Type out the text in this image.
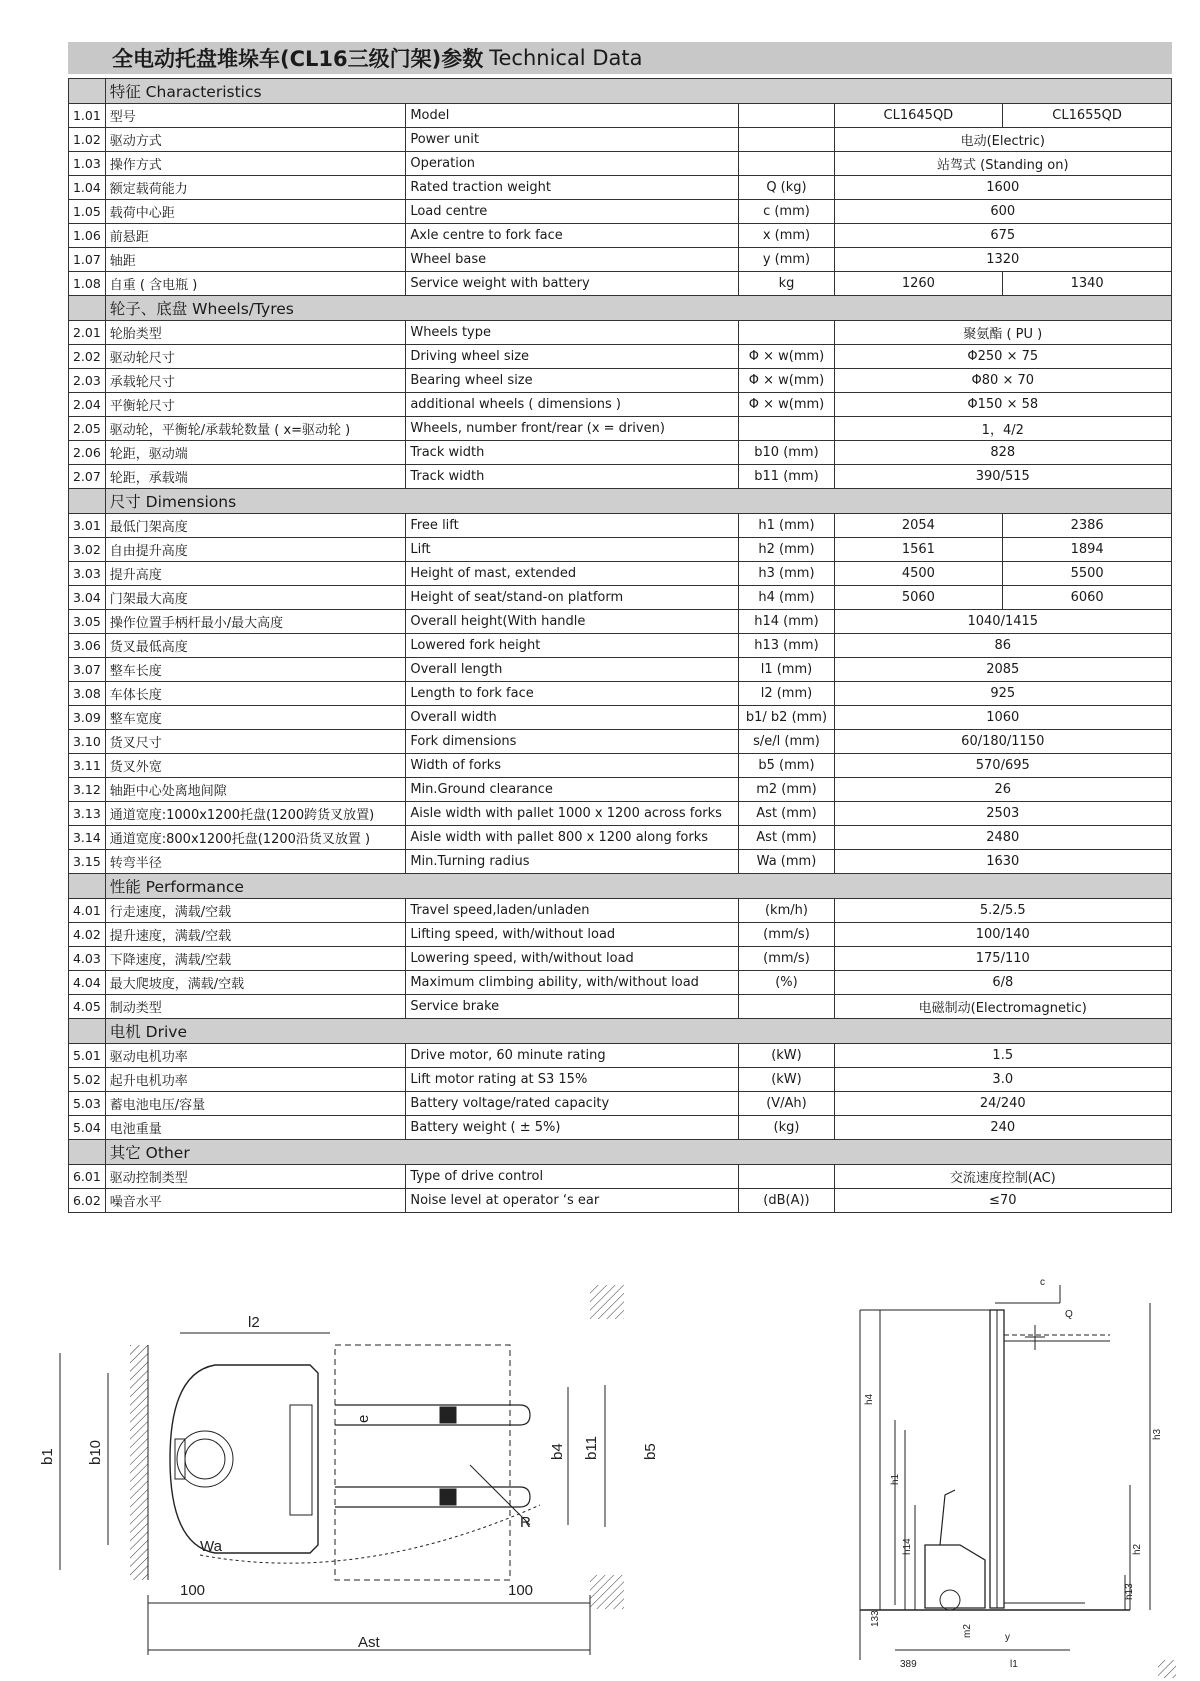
全电动托盘堆垛车(CL16三级门架)参数 Technical Data
	特征 Characteristics				
1.01	型号	Model		CL1645QD	CL1655QD
1.02	驱动方式	Power unit		电动(Electric)	
1.03	操作方式	Operation		站驾式 (Standing on)	
1.04	额定载荷能力	Rated traction weight	Q (kg)	1600	
1.05	载荷中心距	Load centre	c (mm)	600	
1.06	前悬距	Axle centre to fork face	x (mm)	675	
1.07	轴距	Wheel base	y (mm)	1320	
1.08	自重 ( 含电瓶 )	Service weight with battery	kg	1260	1340
	轮子、底盘 Wheels/Tyres				
2.01	轮胎类型	Wheels type		聚氨酯 ( PU )	
2.02	驱动轮尺寸	Driving wheel size	Φ × w(mm)	Φ250 × 75	
2.03	承载轮尺寸	Bearing wheel size	Φ × w(mm)	Φ80 × 70	
2.04	平衡轮尺寸	additional wheels ( dimensions )	Φ × w(mm)	Φ150 × 58	
2.05	驱动轮，平衡轮/承载轮数量 ( x=驱动轮 )	Wheels, number front/rear (x = driven)		1，4/2	
2.06	轮距，驱动端	Track width	b10 (mm)	828	
2.07	轮距，承载端	Track width	b11 (mm)	390/515	
	尺寸 Dimensions				
3.01	最低门架高度	Free lift	h1 (mm)	2054	2386
3.02	自由提升高度	Lift	h2 (mm)	1561	1894
3.03	提升高度	Height of mast, extended	h3 (mm)	4500	5500
3.04	门架最大高度	Height of seat/stand-on platform	h4 (mm)	5060	6060
3.05	操作位置手柄杆最小/最大高度	Overall height(With handle	h14 (mm)	1040/1415	
3.06	货叉最低高度	Lowered fork height	h13 (mm)	86	
3.07	整车长度	Overall length	l1 (mm)	2085	
3.08	车体长度	Length to fork face	l2 (mm)	925	
3.09	整车宽度	Overall width	b1/ b2 (mm)	1060	
3.10	货叉尺寸	Fork dimensions	s/e/l (mm)	60/180/1150	
3.11	货叉外宽	Width of forks	b5 (mm)	570/695	
3.12	轴距中心处离地间隙	Min.Ground clearance	m2 (mm)	26	
3.13	通道宽度:1000x1200托盘(1200跨货叉放置)	Aisle width with pallet 1000 x 1200 across forks	Ast (mm)	2503	
3.14	通道宽度:800x1200托盘(1200沿货叉放置 )	Aisle width with pallet 800 x 1200 along forks	Ast (mm)	2480	
3.15	转弯半径	Min.Turning radius	Wa (mm)	1630	
	性能 Performance				
4.01	行走速度，满载/空载	Travel speed,laden/unladen	(km/h)	5.2/5.5	
4.02	提升速度，满载/空载	Lifting speed, with/without load	(mm/s)	100/140	
4.03	下降速度，满载/空载	Lowering speed, with/without load	(mm/s)	175/110	
4.04	最大爬坡度，满载/空载	Maximum climbing ability, with/without load	(%)	6/8	
4.05	制动类型	Service brake		电磁制动(Electromagnetic)	
	电机 Drive				
5.01	驱动电机功率	Drive motor, 60 minute rating	(kW)	1.5	
5.02	起升电机功率	Lift motor rating at S3 15%	(kW)	3.0	
5.03	蓄电池电压/容量	Battery voltage/rated capacity	(V/Ah)	24/240	
5.04	电池重量	Battery weight ( ± 5%)	(kg)	240	
	其它 Other				
6.01	驱动控制类型	Type of drive control		交流速度控制(AC)	
6.02	噪音水平	Noise level at operator ‘s ear	(dB(A))	≤70	
l2
b1 b10
e
b4 b11	b5
R
Wa
100	100
Ast
c
Q
h4
h3
h1
h14	h2
h13
133
m2	y
389	l1
